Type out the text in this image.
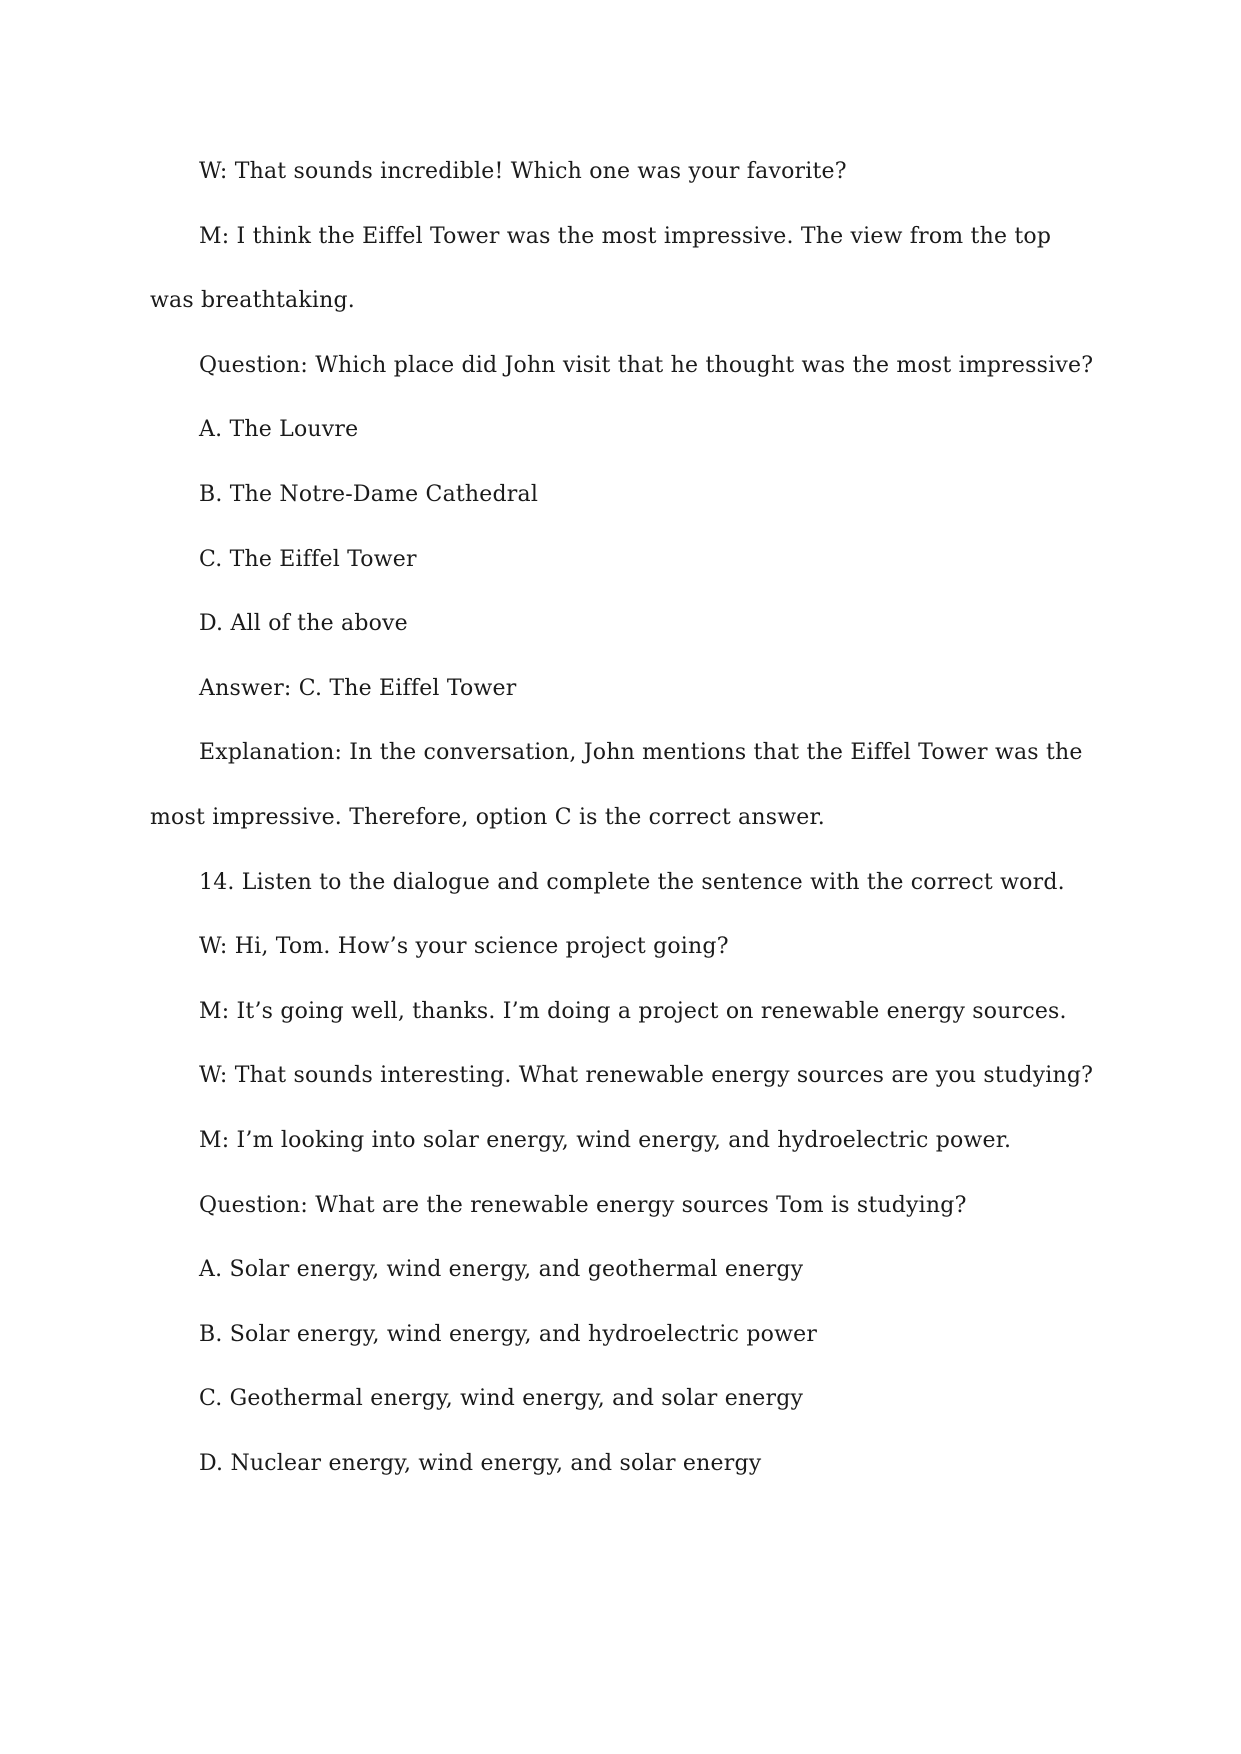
W: That sounds incredible! Which one was your favorite?

M: I think the Eiffel Tower was the most impressive. The view from the top was breathtaking.

Question: Which place did John visit that he thought was the most impressive?

A. The Louvre

B. The Notre-Dame Cathedral

C. The Eiffel Tower

D. All of the above

Answer: C. The Eiffel Tower

Explanation: In the conversation, John mentions that the Eiffel Tower was the most impressive. Therefore, option C is the correct answer.

14. Listen to the dialogue and complete the sentence with the correct word.

W: Hi, Tom. How’s your science project going?

M: It’s going well, thanks. I’m doing a project on renewable energy sources.

W: That sounds interesting. What renewable energy sources are you studying?

M: I’m looking into solar energy, wind energy, and hydroelectric power.

Question: What are the renewable energy sources Tom is studying?

A. Solar energy, wind energy, and geothermal energy

B. Solar energy, wind energy, and hydroelectric power

C. Geothermal energy, wind energy, and solar energy

D. Nuclear energy, wind energy, and solar energy
